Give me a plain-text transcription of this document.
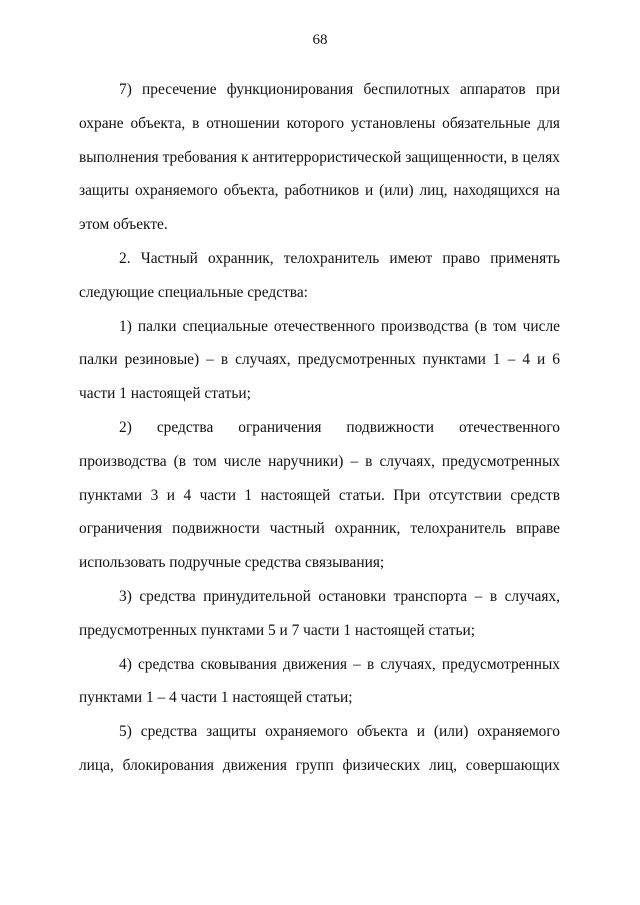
68

7) пресечение функционирования беспилотных аппаратов при охране объекта, в отношении которого установлены обязательные для выполнения требования к антитеррористической защищенности, в целях защиты охраняемого объекта, работников и (или) лиц, находящихся на этом объекте.

2. Частный охранник, телохранитель имеют право применять следующие специальные средства:

1) палки специальные отечественного производства (в том числе палки резиновые) – в случаях, предусмотренных пунктами 1 – 4 и 6 части 1 настоящей статьи;

2) средства ограничения подвижности отечественного производства (в том числе наручники) – в случаях, предусмотренных пунктами 3 и 4 части 1 настоящей статьи. При отсутствии средств ограничения подвижности частный охранник, телохранитель вправе использовать подручные средства связывания;

3) средства принудительной остановки транспорта – в случаях, предусмотренных пунктами 5 и 7 части 1 настоящей статьи;

4) средства сковывания движения – в случаях, предусмотренных пунктами 1 – 4 части 1 настоящей статьи;

5) средства защиты охраняемого объекта и (или) охраняемого лица, блокирования движения групп физических лиц, совершающих
